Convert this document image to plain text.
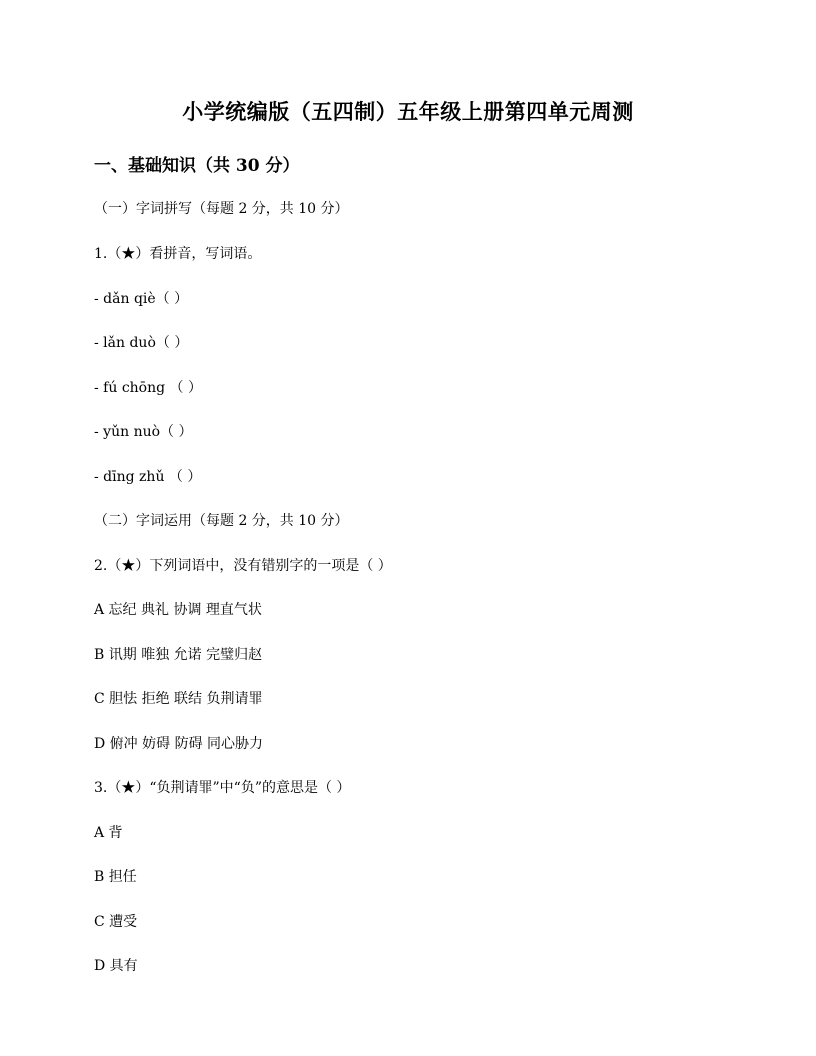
小学统编版（五四制）五年级上册第四单元周测
一、基础知识（共 30 分）
（一）字词拼写（每题 2 分，共 10 分）
1.（★）看拼音，写词语。
- dǎn qiè（ ）
- lǎn duò（ ）
- fú chōng （ ）
- yǔn nuò（ ）
- dīng zhǔ （ ）
（二）字词运用（每题 2 分，共 10 分）
2.（★）下列词语中，没有错别字的一项是（ ）
A 忘纪 典礼 协调 理直气状
B 讯期 唯独 允诺 完璧归赵
C 胆怯 拒绝 联结 负荆请罪
D 俯冲 妨碍 防碍 同心胁力
3.（★）“负荆请罪”中“负”的意思是（ ）
A 背
B 担任
C 遭受
D 具有
